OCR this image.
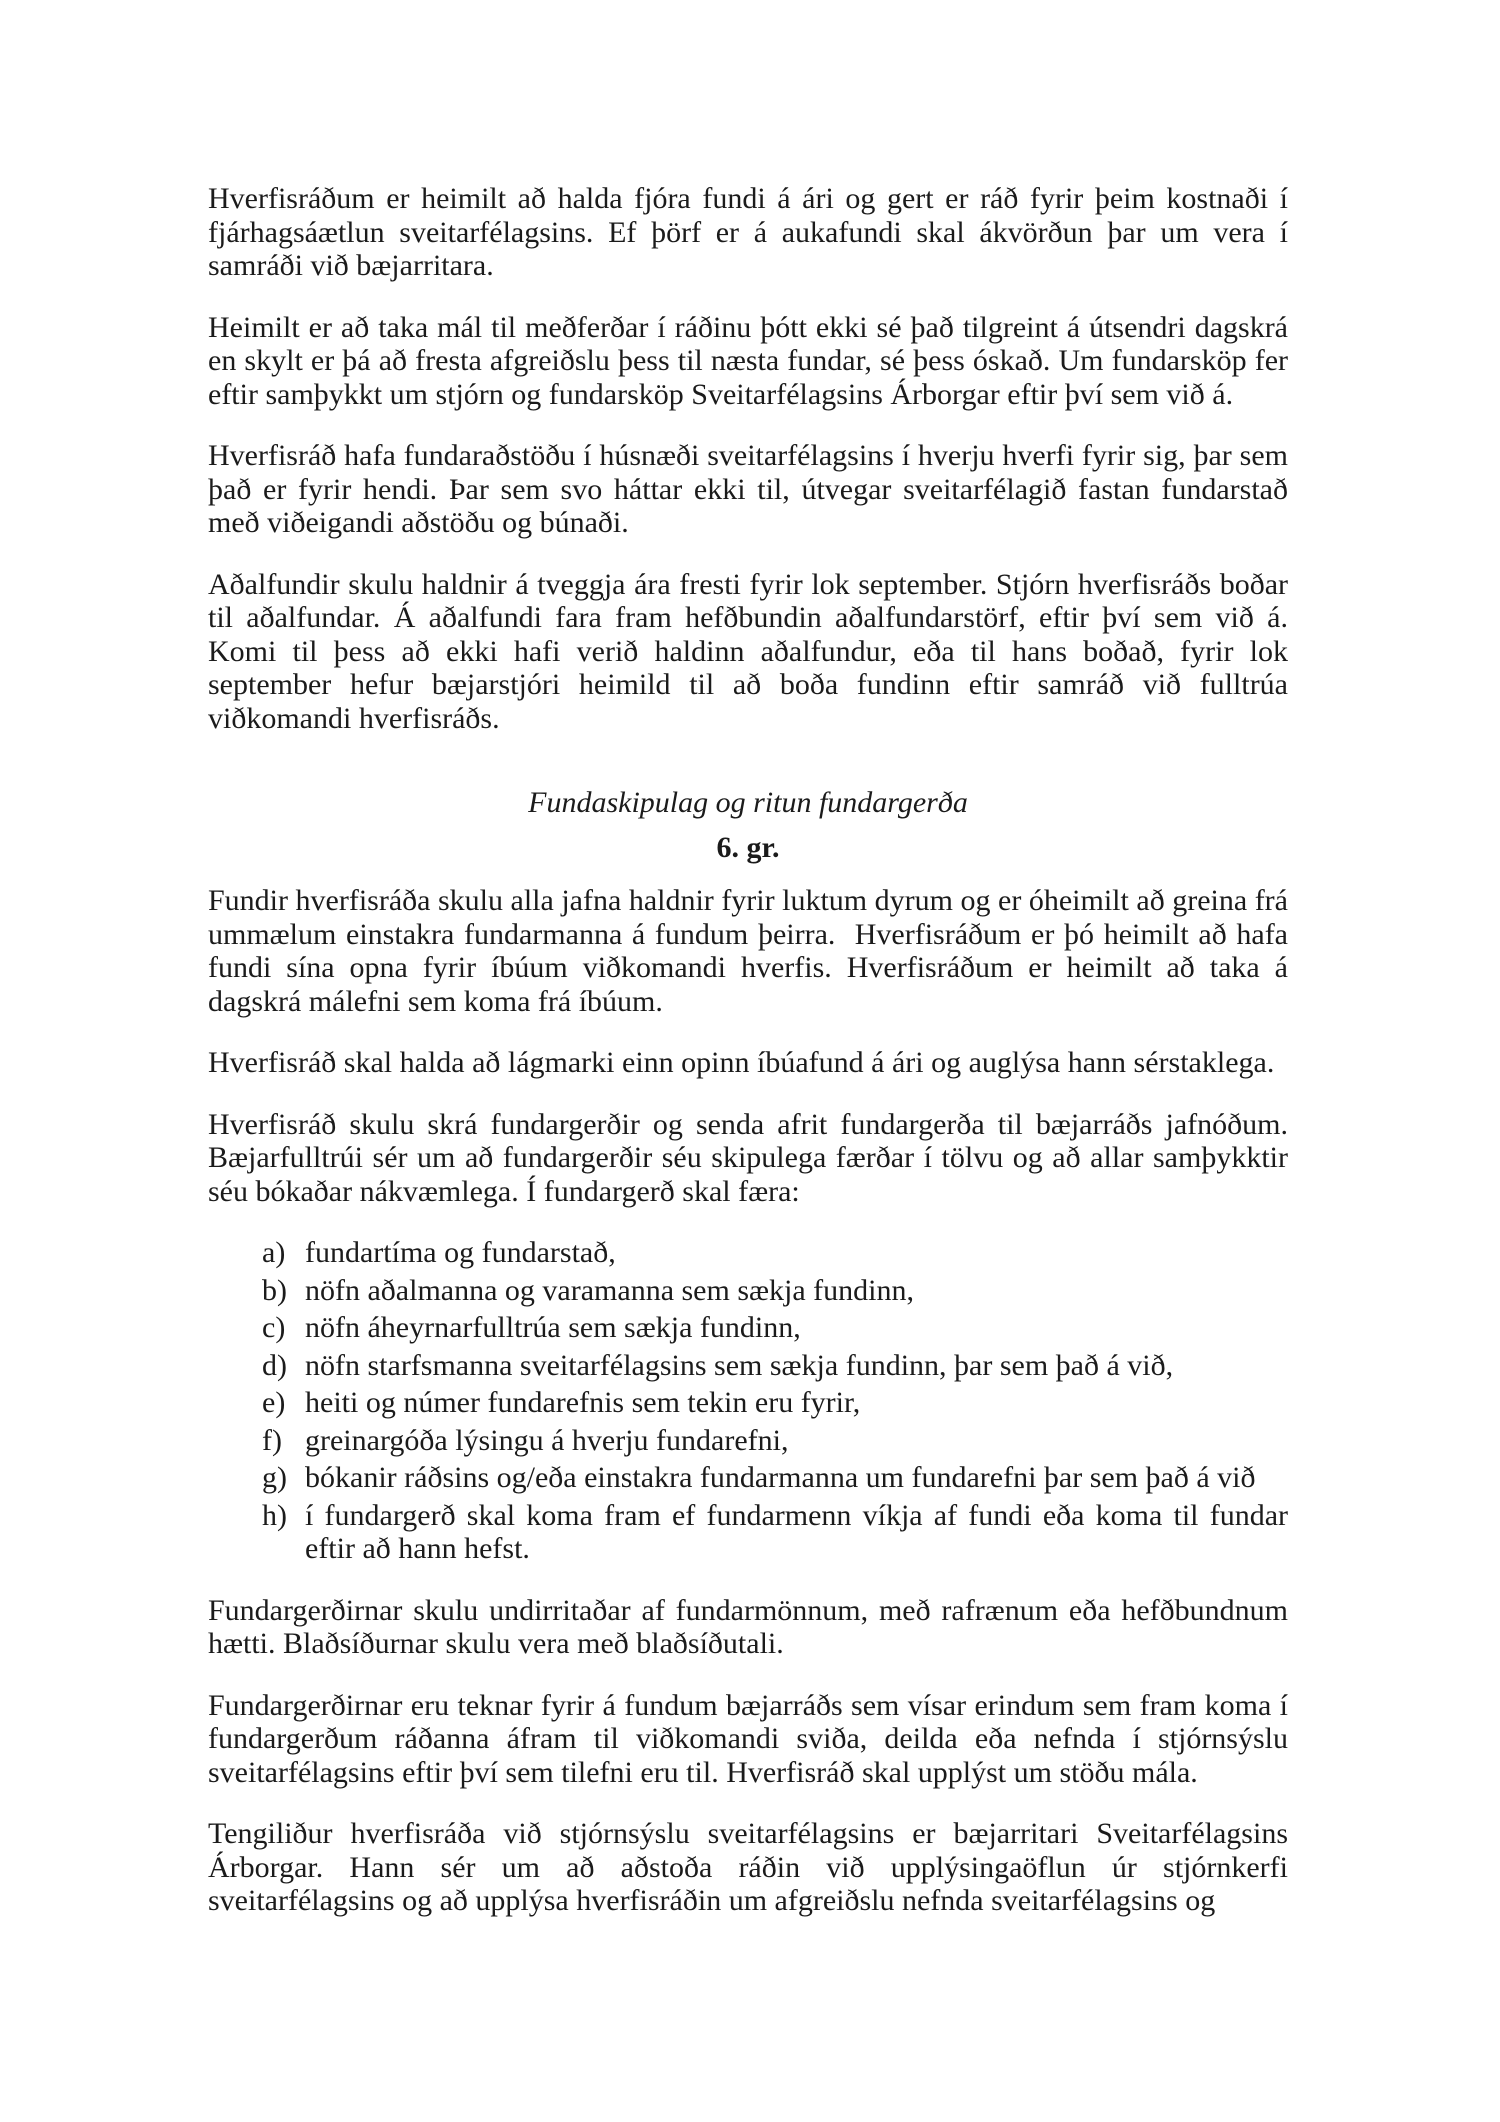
Hverfisráðum er heimilt að halda fjóra fundi á ári og gert er ráð fyrir þeim kostnaði í fjárhagsáætlun sveitarfélagsins. Ef þörf er á aukafundi skal ákvörðun þar um vera í samráði við bæjarritara.

Heimilt er að taka mál til meðferðar í ráðinu þótt ekki sé það tilgreint á útsendri dagskrá en skylt er þá að fresta afgreiðslu þess til næsta fundar, sé þess óskað. Um fundarsköp fer eftir samþykkt um stjórn og fundarsköp Sveitarfélagsins Árborgar eftir því sem við á.

Hverfisráð hafa fundaraðstöðu í húsnæði sveitarfélagsins í hverju hverfi fyrir sig, þar sem það er fyrir hendi. Þar sem svo háttar ekki til, útvegar sveitarfélagið fastan fundarstað með viðeigandi aðstöðu og búnaði.

Aðalfundir skulu haldnir á tveggja ára fresti fyrir lok september. Stjórn hverfisráðs boðar til aðalfundar. Á aðalfundi fara fram hefðbundin aðalfundarstörf, eftir því sem við á. Komi til þess að ekki hafi verið haldinn aðalfundur, eða til hans boðað, fyrir lok september hefur bæjarstjóri heimild til að boða fundinn eftir samráð við fulltrúa viðkomandi hverfisráðs.

Fundaskipulag og ritun fundargerða
6. gr.

Fundir hverfisráða skulu alla jafna haldnir fyrir luktum dyrum og er óheimilt að greina frá ummælum einstakra fundarmanna á fundum þeirra.  Hverfisráðum er þó heimilt að hafa fundi sína opna fyrir íbúum viðkomandi hverfis. Hverfisráðum er heimilt að taka á dagskrá málefni sem koma frá íbúum.

Hverfisráð skal halda að lágmarki einn opinn íbúafund á ári og auglýsa hann sérstaklega.

Hverfisráð skulu skrá fundargerðir og senda afrit fundargerða til bæjarráðs jafnóðum. Bæjarfulltrúi sér um að fundargerðir séu skipulega færðar í tölvu og að allar samþykktir séu bókaðar nákvæmlega. Í fundargerð skal færa:

a) fundartíma og fundarstað,
b) nöfn aðalmanna og varamanna sem sækja fundinn,
c) nöfn áheyrnarfulltrúa sem sækja fundinn,
d) nöfn starfsmanna sveitarfélagsins sem sækja fundinn, þar sem það á við,
e) heiti og númer fundarefnis sem tekin eru fyrir,
f) greinargóða lýsingu á hverju fundarefni,
g) bókanir ráðsins og/eða einstakra fundarmanna um fundarefni þar sem það á við
h) í fundargerð skal koma fram ef fundarmenn víkja af fundi eða koma til fundar eftir að hann hefst.

Fundargerðirnar skulu undirritaðar af fundarmönnum, með rafrænum eða hefðbundnum hætti. Blaðsíðurnar skulu vera með blaðsíðutali.

Fundargerðirnar eru teknar fyrir á fundum bæjarráðs sem vísar erindum sem fram koma í fundargerðum ráðanna áfram til viðkomandi sviða, deilda eða nefnda í stjórnsýslu sveitarfélagsins eftir því sem tilefni eru til. Hverfisráð skal upplýst um stöðu mála.

Tengiliður hverfisráða við stjórnsýslu sveitarfélagsins er bæjarritari Sveitarfélagsins Árborgar. Hann sér um að aðstoða ráðin við upplýsingaöflun úr stjórnkerfi sveitarfélagsins og að upplýsa hverfisráðin um afgreiðslu nefnda sveitarfélagsins og
